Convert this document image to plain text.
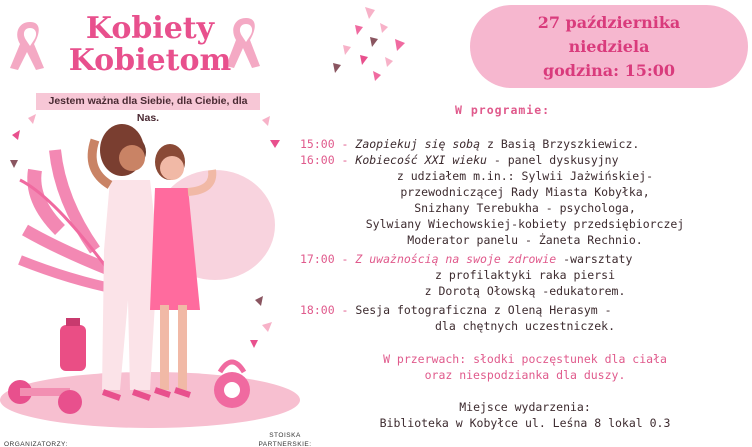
Kobiety
Kobietom
Jestem ważna dla Siebie, dla Ciebie, dla Nas.
27 października
niedziela
godzina: 15:00
W programie:
15:00 - Zaopiekuj się sobą z Basią Brzyszkiewicz.
16:00 - Kobiecość XXI wieku - panel dyskusyjny
z udziałem m.in.: Sylwii Jażwińskiej-
przewodniczącej Rady Miasta Kobyłka,
Snizhany Terebukha - psychologa,
Sylwiany Wiechowskiej-kobiety przedsiębiorczej
Moderator panelu - Żaneta Rechnio.
17:00 - Z uważnością na swoje zdrowie -warsztaty
z profilaktyki raka piersi
z Dorotą Ołowską -edukatorem.
18:00 - Sesja fotograficzna z Oleną Herasym -
dla chętnych uczestniczek.
W przerwach: słodki poczęstunek dla ciała
oraz niespodzianka dla duszy.
Miejsce wydarzenia:
Biblioteka w Kobyłce ul. Leśna 8 lokal 0.3
ORGANIZATORZY:
STOISKA
PARTNERSKIE:
